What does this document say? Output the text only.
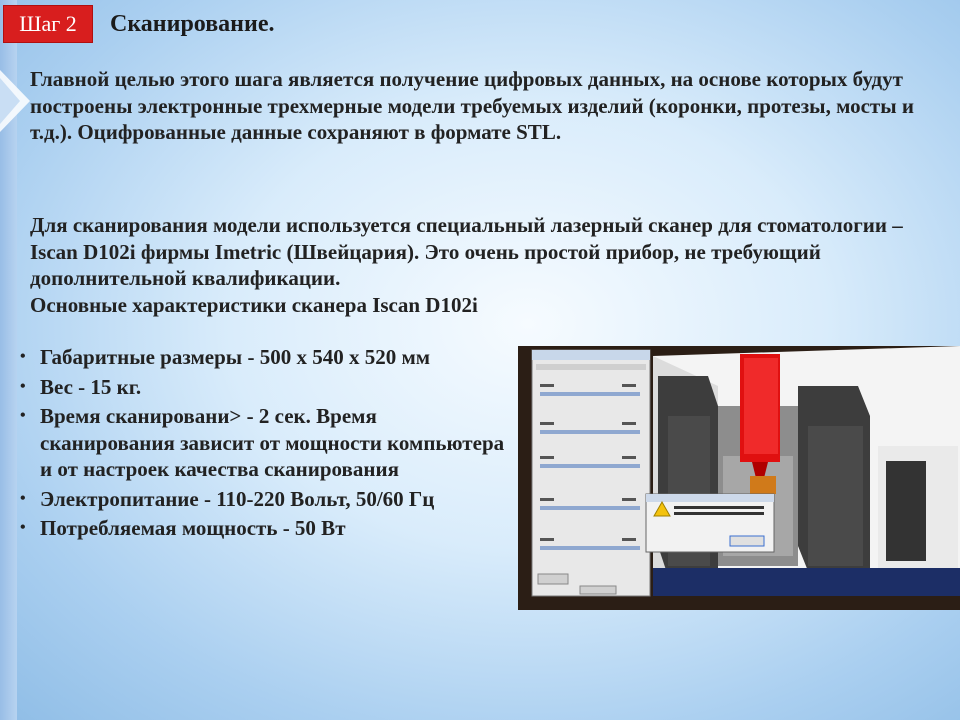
Шаг 2	Сканирование.

Главной целью этого шага является получение цифровых данных, на основе которых будут построены электронные трехмерные модели требуемых изделий (коронки, протезы, мосты и т.д.). Оцифрованные данные сохраняют в формате STL.

Для сканирования модели используется специальный лазерный сканер для стоматологии – Iscan D102i фирмы Imetric (Швейцария). Это очень простой прибор, не требующий дополнительной квалификации.
Основные характеристики сканера Iscan D102i
• Габаритные размеры - 500 х 540 х 520 мм
• Вес - 15 кг.
• Время сканировани> - 2 сек. Время сканирования зависит от мощности компьютера и от настроек качества сканирования
• Электропитание - 110-220 Вольт, 50/60 Гц
• Потребляемая мощность - 50 Вт
